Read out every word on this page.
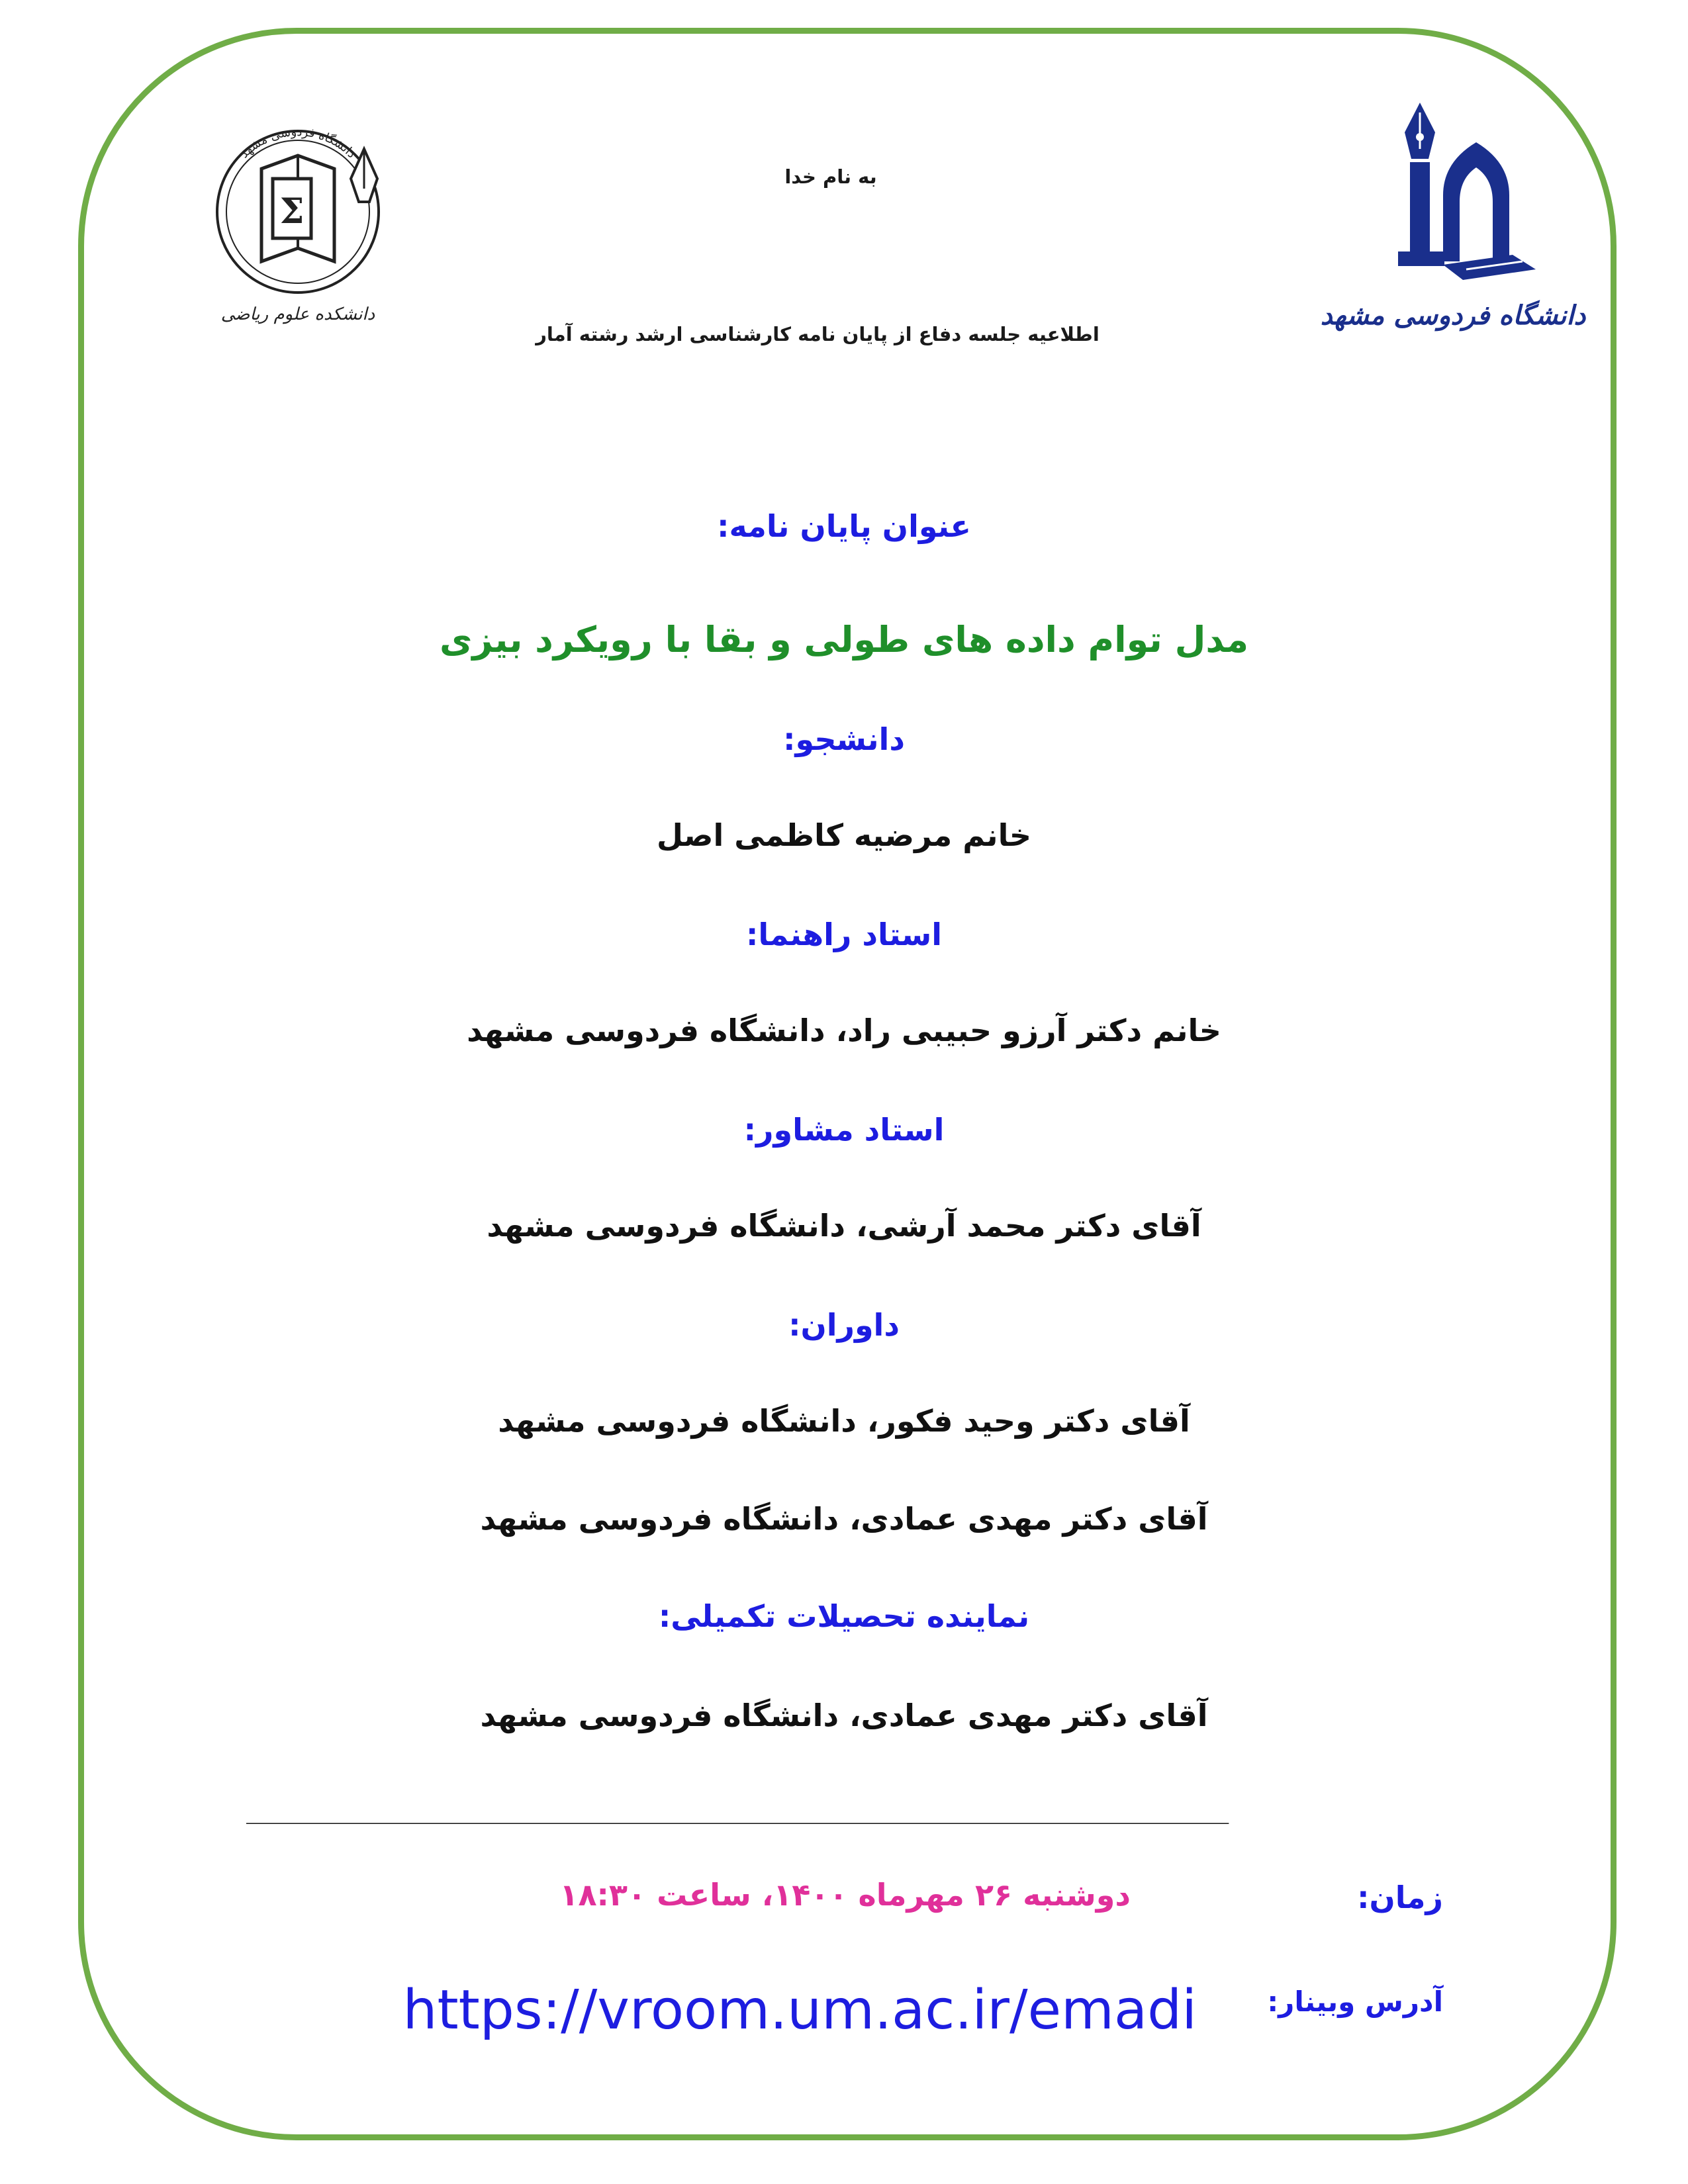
Σ
دانشکده علوم ریاضی
دانشگاه فردوسی مشهد
دانشگاه فردوسی مشهد
به نام خدا
اطلاعیه جلسه دفاع از پایان نامه کارشناسی ارشد رشته آمار
عنوان پایان نامه:
مدل توام داده های طولی و بقا با رویکرد بیزی
دانشجو:
خانم مرضیه کاظمی اصل
استاد راهنما:
خانم دکتر آرزو حبیبی راد، دانشگاه فردوسی مشهد
استاد مشاور:
آقای دکتر محمد آرشی، دانشگاه فردوسی مشهد
داوران:
آقای دکتر وحید فکور، دانشگاه فردوسی مشهد
آقای دکتر مهدی عمادی، دانشگاه فردوسی مشهد
نماینده تحصیلات تکمیلی:
آقای دکتر مهدی عمادی، دانشگاه فردوسی مشهد
_______________________________________________________________________
زمان:
دوشنبه ۲۶ مهرماه ۱۴۰۰، ساعت ۱۸:۳۰
آدرس وبینار:
https://vroom.um.ac.ir/emadi
